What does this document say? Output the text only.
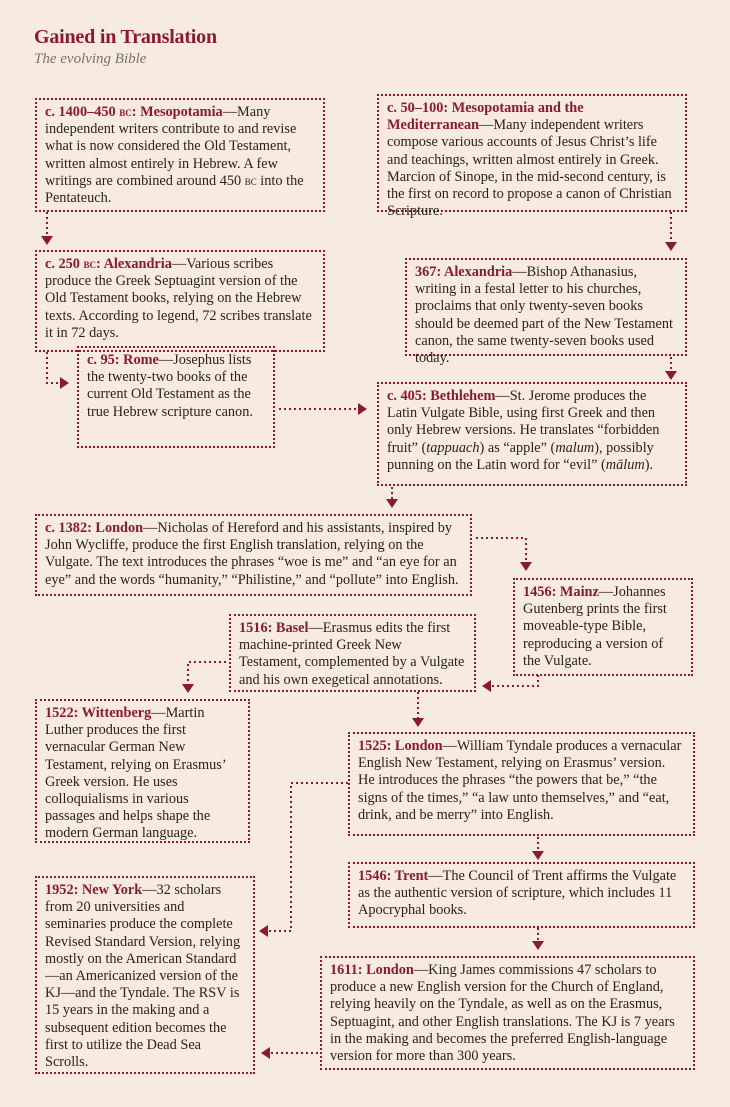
Gained in Translation
The evolving Bible
c. 1400–450 bc: Mesopotamia—Many independent writers contribute to and revise what is now considered the Old Testament, written almost entirely in Hebrew. A few writings are combined around 450 bc into the Pentateuch.
c. 50–100: Mesopotamia and the Mediterranean—Many independent writers compose various accounts of Jesus Christ’s life and teachings, written almost entirely in Greek. Marcion of Sinope, in the mid-second century, is the first on record to propose a canon of Christian Scripture.
c. 250 bc: Alexandria—Various scribes produce the Greek Septuagint version of the Old Testament books, relying on the Hebrew texts. According to legend, 72 scribes translate it in 72 days.
367: Alexandria—Bishop Athanasius, writing in a festal letter to his churches, proclaims that only twenty-seven books should be deemed part of the New Testament canon, the same twenty-seven books used today.
c. 95: Rome—Josephus lists the twenty-two books of the current Old Testament as the true Hebrew scripture canon.
c. 405: Bethlehem—St. Jerome produces the Latin Vulgate Bible, using first Greek and then only Hebrew versions. He translates “forbidden fruit” (tappuach) as “apple” (malum), possibly punning on the Latin word for “evil” (mālum).
c. 1382: London—Nicholas of Hereford and his assistants, inspired by John Wycliffe, produce the first English translation, relying on the Vulgate. The text introduces the phrases “woe is me” and “an eye for an eye” and the words “humanity,” “Philistine,” and “pollute” into English.
1456: Mainz—Johannes Gutenberg prints the first moveable-type Bible, reproducing a version of the Vulgate.
1516: Basel—Erasmus edits the first machine-printed Greek New Testament, complemented by a Vulgate and his own exegetical annotations.
1522: Wittenberg—Martin Luther produces the first vernacular German New Testament, relying on Erasmus’ Greek version. He uses colloquialisms in various passages and helps shape the modern German language.
1525: London—William Tyndale produces a vernacular English New Testament, relying on Erasmus’ version. He introduces the phrases “the powers that be,” “the signs of the times,” “a law unto themselves,” and “eat, drink, and be merry” into English.
1546: Trent—The Council of Trent affirms the Vulgate as the authentic version of scripture, which includes 11 Apocryphal books.
1952: New York—32 scholars from 20 universities and seminaries produce the complete Revised Standard Version, relying mostly on the American Standard—an Americanized version of the KJ—and the Tyndale. The RSV is 15 years in the making and a subsequent edition becomes the first to utilize the Dead Sea Scrolls.
1611: London—King James commissions 47 scholars to produce a new English version for the Church of England, relying heavily on the Tyndale, as well as on the Erasmus, Septuagint, and other English translations. The KJ is 7 years in the making and becomes the preferred English-language version for more than 300 years.
